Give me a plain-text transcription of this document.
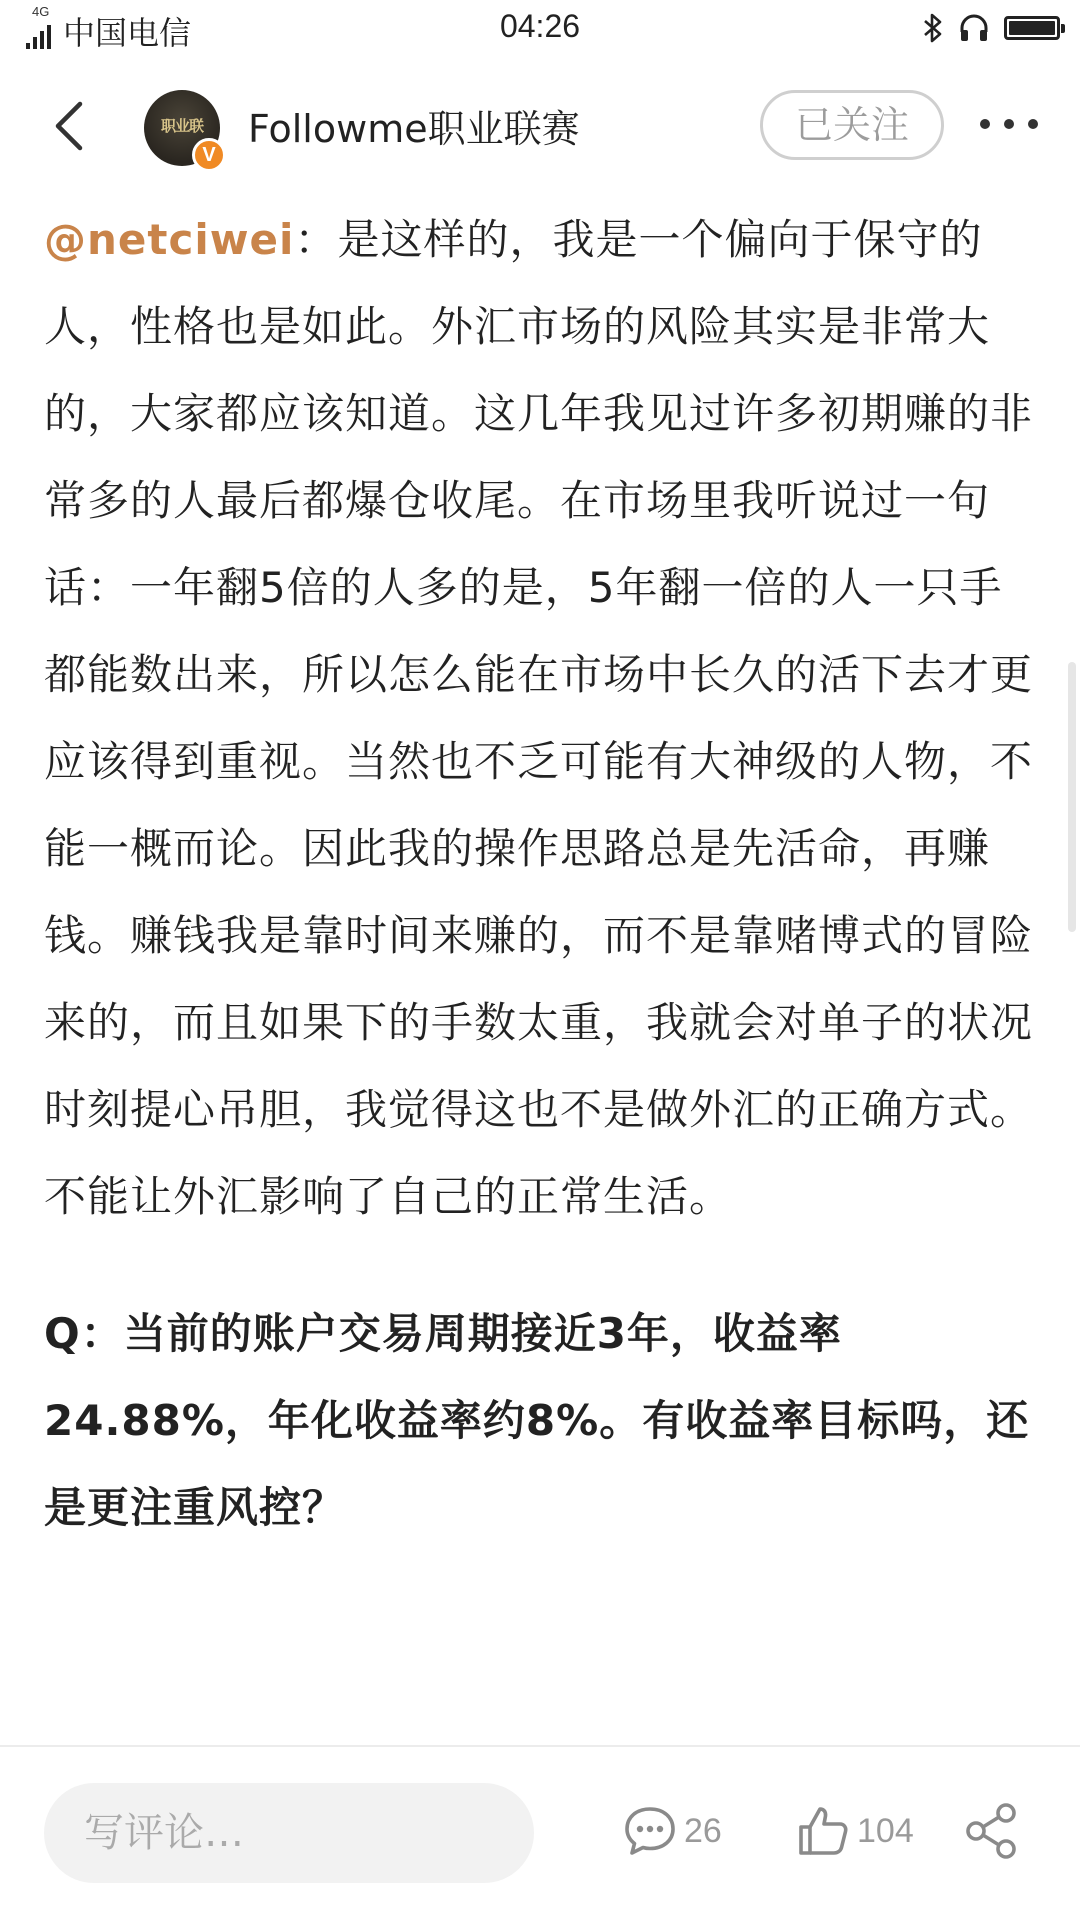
4G
中国电信	04:26
职业联
V
Followme职业联赛	已关注

@netciwei：是这样的，我是一个偏向于保守的人，性格也是如此。外汇市场的风险其实是非常大的，大家都应该知道。这几年我见过许多初期赚的非常多的人最后都爆仓收尾。在市场里我听说过一句话：一年翻5倍的人多的是，5年翻一倍的人一只手都能数出来，所以怎么能在市场中长久的活下去才更应该得到重视。当然也不乏可能有大神级的人物，不能一概而论。因此我的操作思路总是先活命，再赚钱。赚钱我是靠时间来赚的，而不是靠赌博式的冒险来的，而且如果下的手数太重，我就会对单子的状况时刻提心吊胆，我觉得这也不是做外汇的正确方式。不能让外汇影响了自己的正常生活。

Q：当前的账户交易周期接近3年，收益率24.88%，年化收益率约8%。有收益率目标吗，还是更注重风控？

写评论…
26	104
